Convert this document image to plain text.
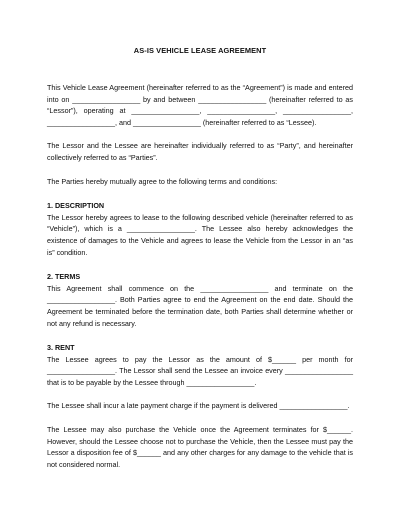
AS-IS VEHICLE LEASE AGREEMENT

This Vehicle Lease Agreement (hereinafter referred to as the “Agreement”) is made and entered into on _________________ by and between _________________ (hereinafter referred to as “Lessor”), operating at _________________, _________________, _________________, _________________, and _________________ (hereinafter referred to as “Lessee).

The Lessor and the Lessee are hereinafter individually referred to as “Party”, and hereinafter collectively referred to as “Parties”.

The Parties hereby mutually agree to the following terms and conditions:

1. DESCRIPTION

The Lessor hereby agrees to lease to the following described vehicle (hereinafter referred to as “Vehicle”), which is a _________________. The Lessee also hereby acknowledges the existence of damages to the Vehicle and agrees to lease the Vehicle from the Lessor in an “as is” condition.

2. TERMS

This Agreement shall commence on the _________________ and terminate on the _________________. Both Parties agree to end the Agreement on the end date. Should the Agreement be terminated before the termination date, both Parties shall determine whether or not any refund is necessary.

3. RENT

The Lessee agrees to pay the Lessor as the amount of $______ per month for _________________. The Lessor shall send the Lessee an invoice every _________________ that is to be payable by the Lessee through _________________.

The Lessee shall incur a late payment charge if the payment is delivered _________________.

The Lessee may also purchase the Vehicle once the Agreement terminates for $______. However, should the Lessee choose not to purchase the Vehicle, then the Lessee must pay the Lessor a disposition fee of $______ and any other charges for any damage to the vehicle that is not considered normal.
